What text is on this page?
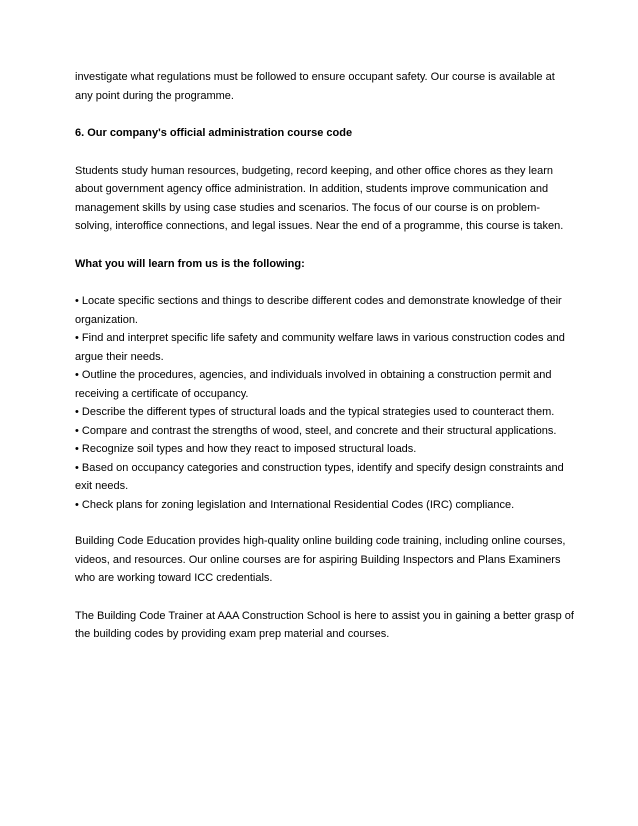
investigate what regulations must be followed to ensure occupant safety. Our course is available at any point during the programme.

6. Our company's official administration course code

Students study human resources, budgeting, record keeping, and other office chores as they learn about government agency office administration. In addition, students improve communication and management skills by using case studies and scenarios. The focus of our course is on problem-solving, interoffice connections, and legal issues. Near the end of a programme, this course is taken.

What you will learn from us is the following:

• Locate specific sections and things to describe different codes and demonstrate knowledge of their organization.
• Find and interpret specific life safety and community welfare laws in various construction codes and argue their needs.
• Outline the procedures, agencies, and individuals involved in obtaining a construction permit and receiving a certificate of occupancy.
• Describe the different types of structural loads and the typical strategies used to counteract them.
• Compare and contrast the strengths of wood, steel, and concrete and their structural applications.
• Recognize soil types and how they react to imposed structural loads.
• Based on occupancy categories and construction types, identify and specify design constraints and exit needs.
• Check plans for zoning legislation and International Residential Codes (IRC) compliance.

Building Code Education provides high-quality online building code training, including online courses, videos, and resources. Our online courses are for aspiring Building Inspectors and Plans Examiners who are working toward ICC credentials.

The Building Code Trainer at AAA Construction School is here to assist you in gaining a better grasp of the building codes by providing exam prep material and courses.
